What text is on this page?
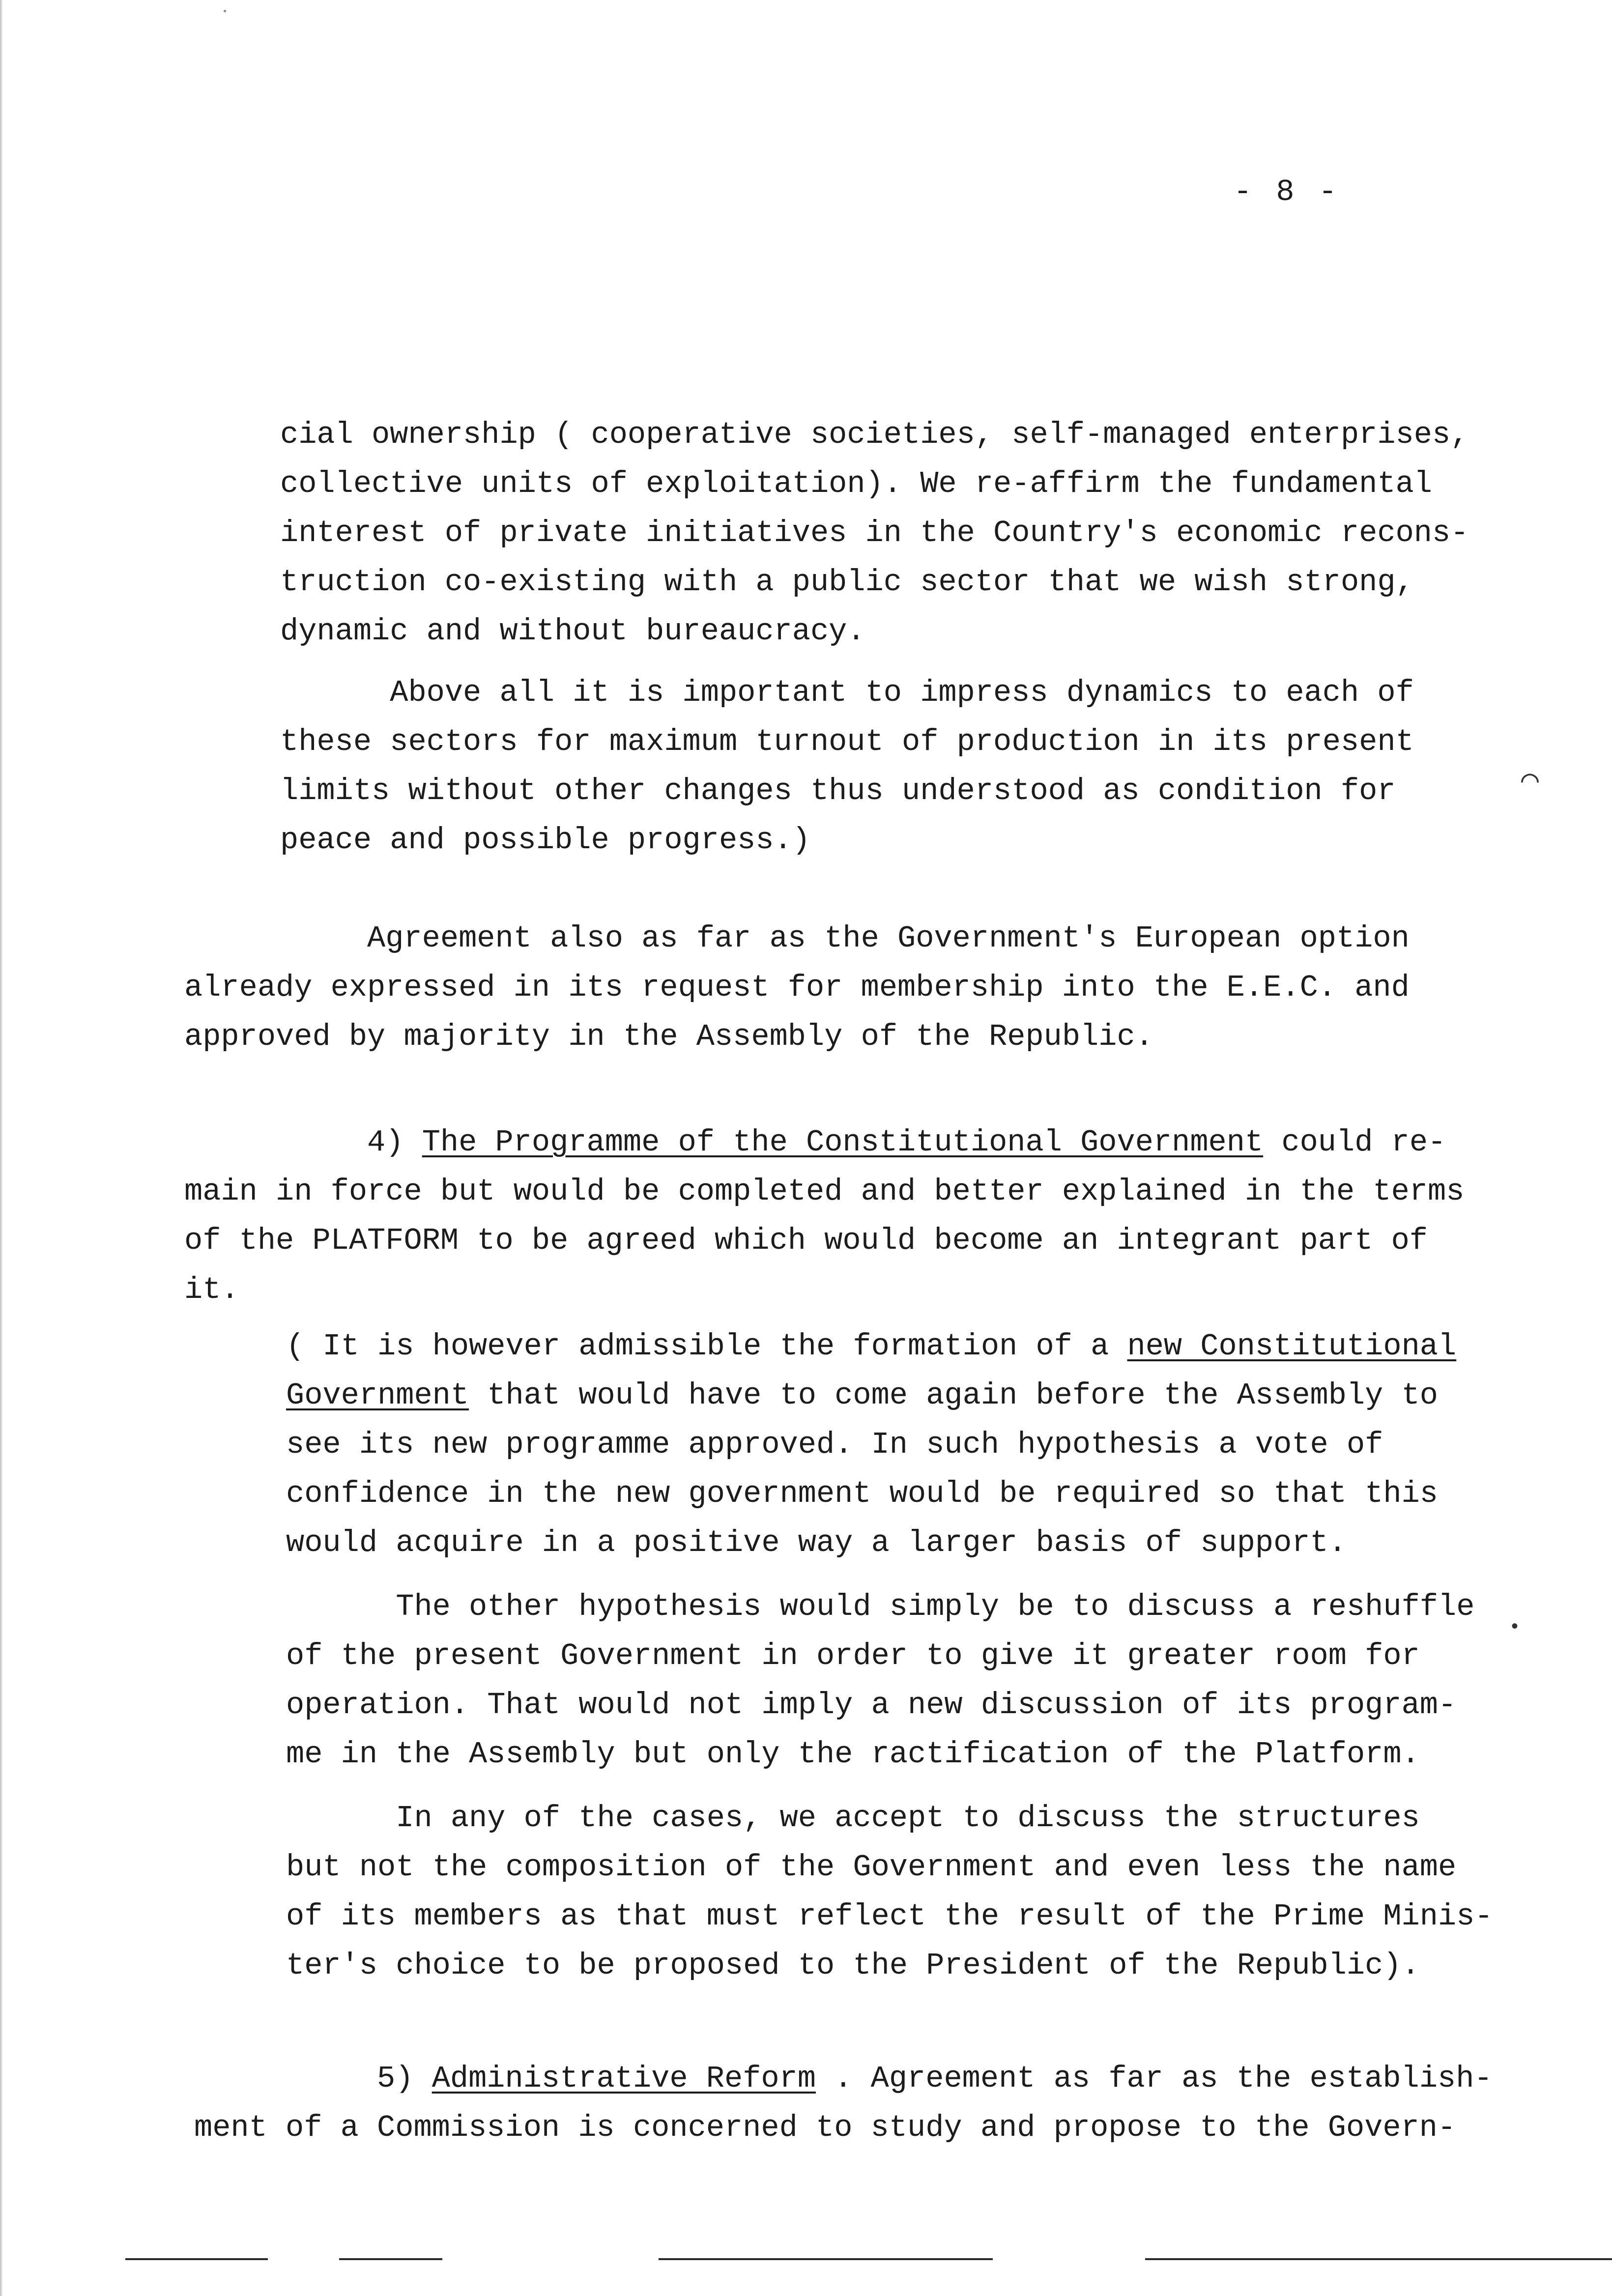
- 8 -
cial ownership ( cooperative societies, self-managed enterprises,
collective units of exploitation). We re-affirm the fundamental
interest of private initiatives in the Country's economic recons-
truction co-existing with a public sector that we wish strong,
dynamic and without bureaucracy.
Above all it is important to impress dynamics to each of
these sectors for maximum turnout of production in its present
limits without other changes thus understood as condition for
peace and possible progress.)
Agreement also as far as the Government's European option
already expressed in its request for membership into the E.E.C. and
approved by majority in the Assembly of the Republic.
4) The Programme of the Constitutional Government could re-
main in force but would be completed and better explained in the terms
of the PLATFORM to be agreed which would become an integrant part of
it.
( It is however admissible the formation of a new Constitutional
Government that would have to come again before the Assembly to
see its new programme approved. In such hypothesis a vote of
confidence in the new government would be required so that this
would acquire in a positive way a larger basis of support.
The other hypothesis would simply be to discuss a reshuffle
of the present Government in order to give it greater room for
operation. That would not imply a new discussion of its program-
me in the Assembly but only the ractification of the Platform.
In any of the cases, we accept to discuss the structures
but not the composition of the Government and even less the name
of its members as that must reflect the result of the Prime Minis-
ter's choice to be proposed to the President of the Republic).
5) Administrative Reform . Agreement as far as the establish-
ment of a Commission is concerned to study and propose to the Govern-
⌒
•
